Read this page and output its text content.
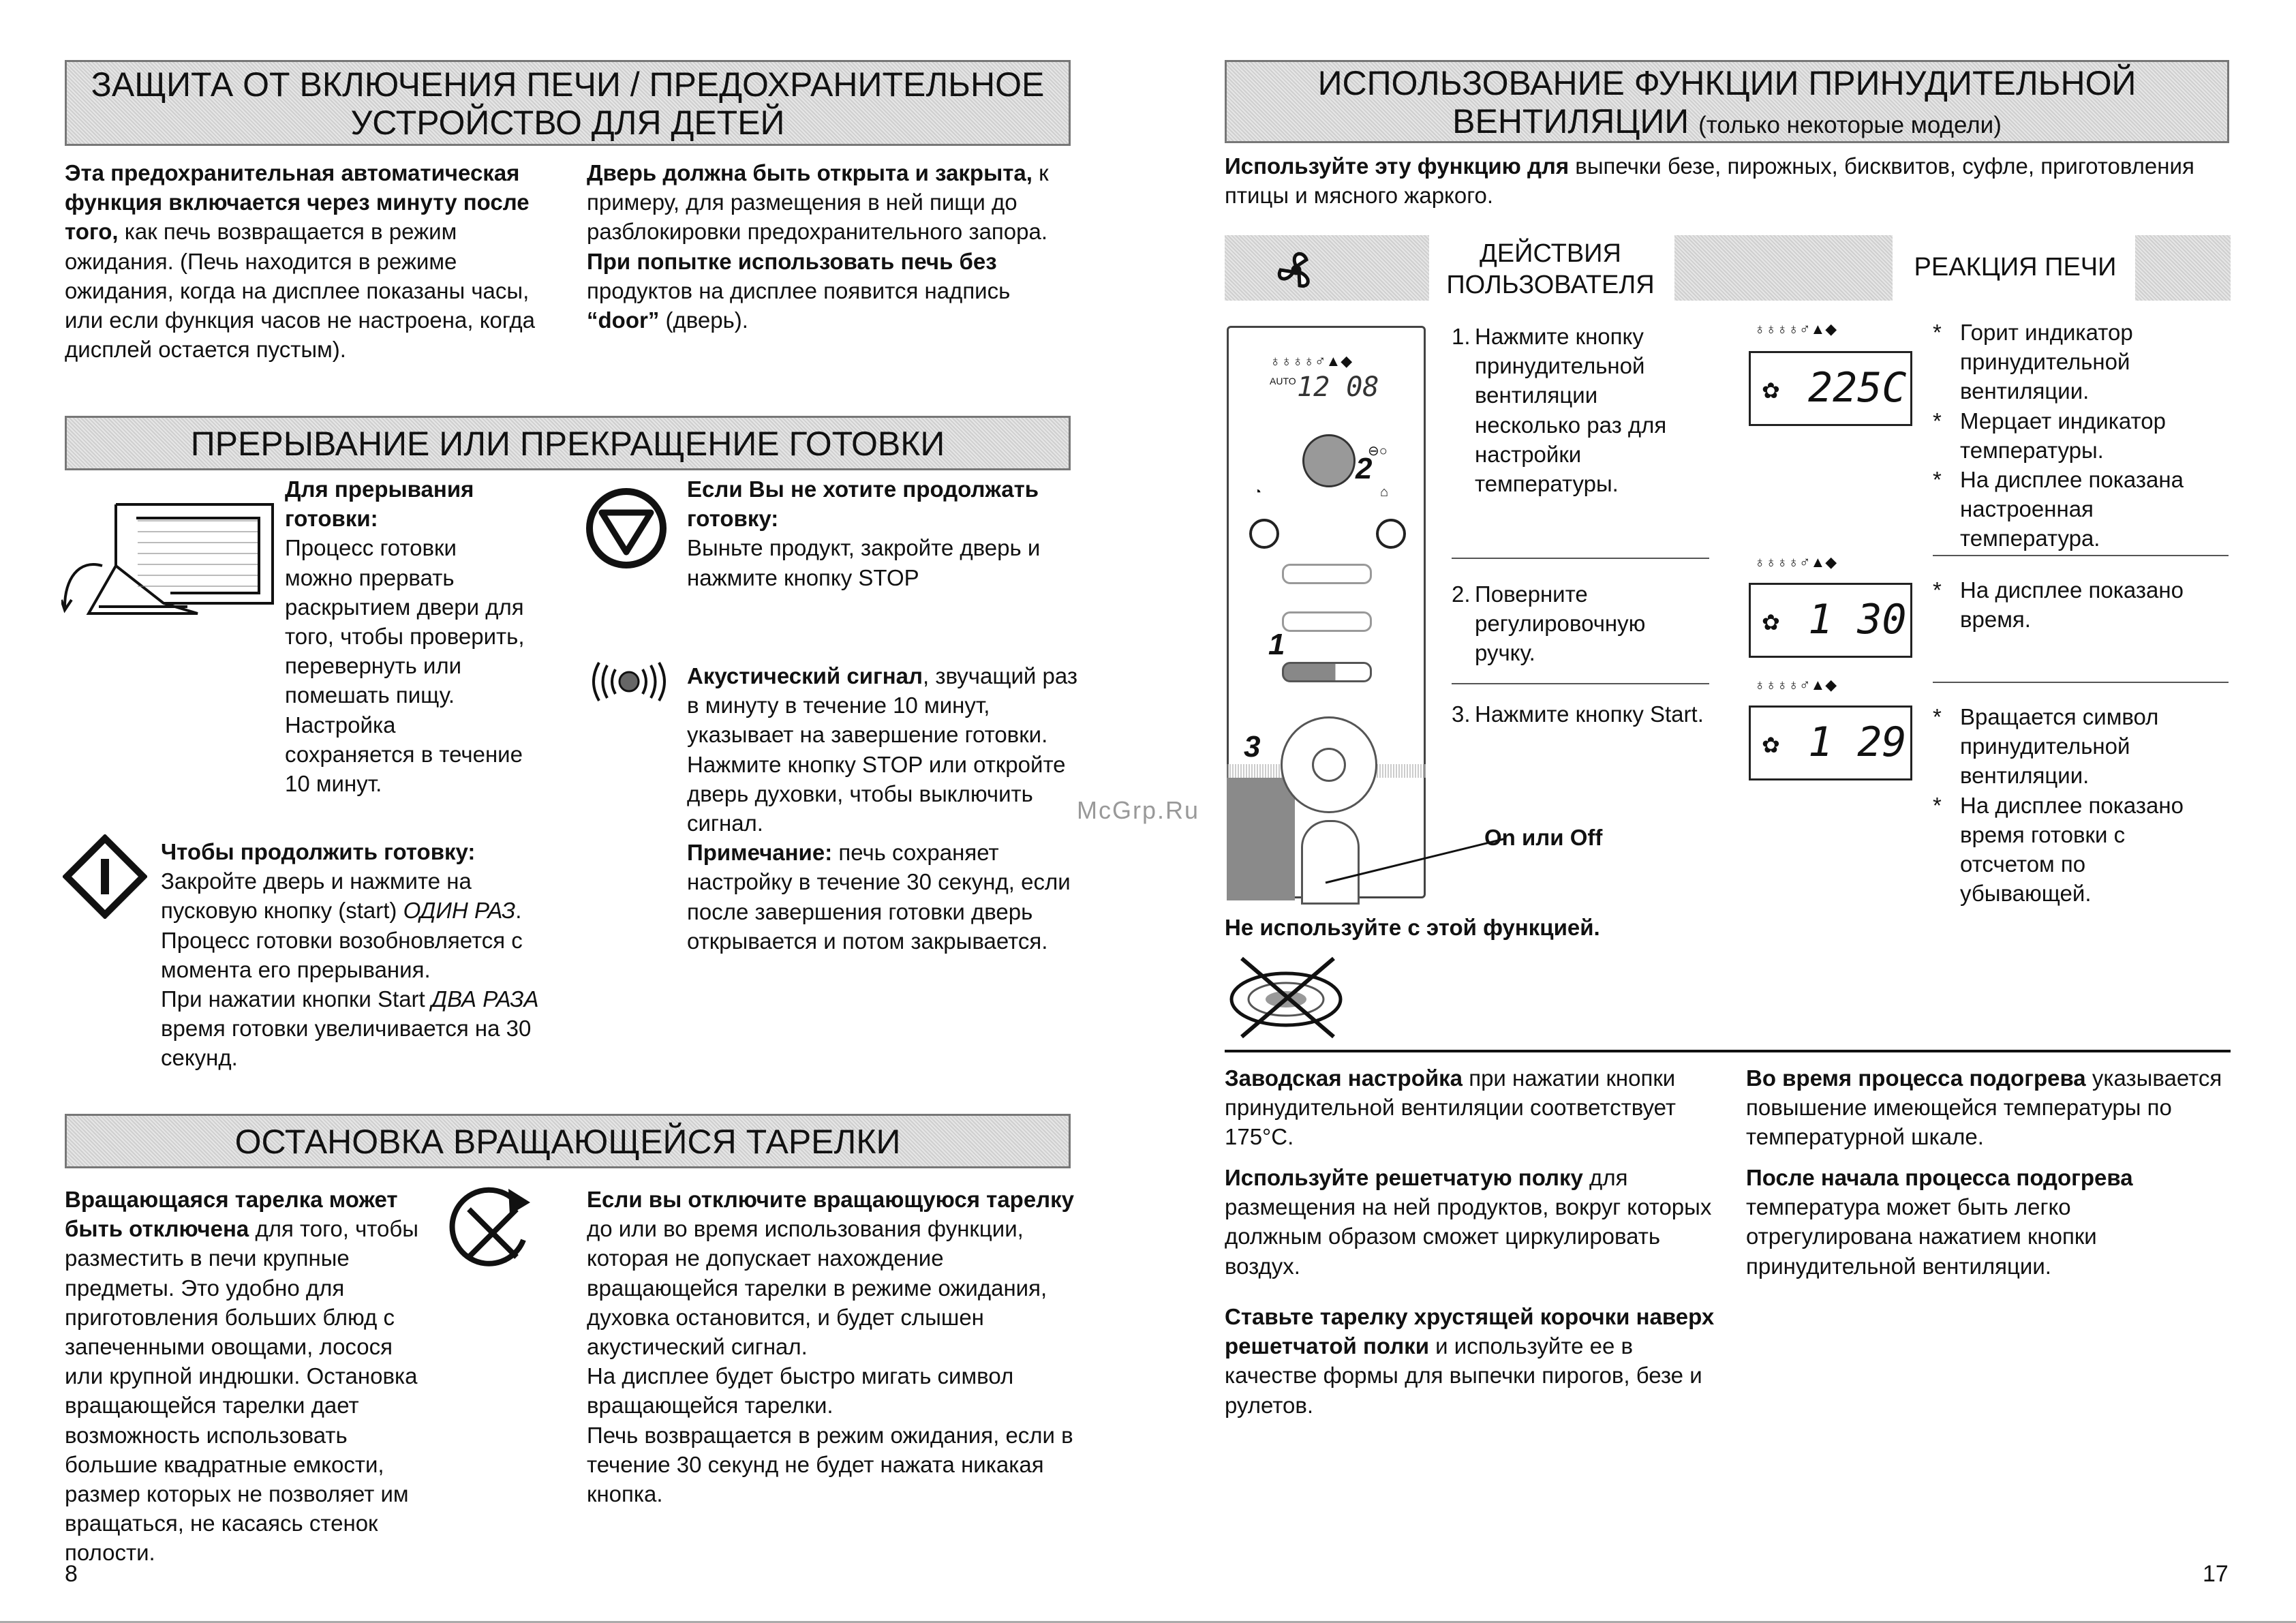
ЗАЩИТА ОТ ВКЛЮЧЕНИЯ ПЕЧИ / ПРЕДОХРАНИТЕЛЬНОЕ
УСТРОЙСТВО ДЛЯ ДЕТЕЙ
Эта предохранительная автоматическая функция включается через минуту после того, как печь возвращается в режим ожидания. (Печь находится в режиме ожидания, когда на дисплее показаны часы, или если функция часов не настроена, когда дисплей остается пустым).
Дверь должна быть открыта и закрыта, к примеру, для размещения в ней пищи до разблокировки предохранительного запора.
При попытке использовать печь без продуктов на дисплее появится надпись “door” (дверь).
ПРЕРЫВАНИЕ ИЛИ ПРЕКРАЩЕНИЕ ГОТОВКИ
Для прерывания готовки:
Процесс готовки можно прервать раскрытием двери для того, чтобы проверить, перевернуть или помешать пищу. Настройка сохраняется в течение 10 минут.
Чтобы продолжить готовку:
Закройте дверь и нажмите на пусковую кнопку (start) ОДИН РАЗ. Процесс готовки возобновляется с момента его прерывания.
При нажатии кнопки Start ДВА РАЗА время готовки увеличивается на 30 секунд.
Если Вы не хотите продолжать готовку:
Выньте продукт, закройте дверь и нажмите кнопку STOP
Акустический сигнал, звучащий раз в минуту в течение 10 минут, указывает на завершение готовки. Нажмите кнопку STOP или откройте дверь духовки, чтобы выключить сигнал.
Примечание: печь сохраняет настройку в течение 30 секунд, если после завершения готовки дверь открывается и потом закрывается.
ОСТАНОВКА ВРАЩАЮЩЕЙСЯ ТАРЕЛКИ
Вращающаяся тарелка может быть отключена для того, чтобы разместить в печи крупные предметы. Это удобно для приготовления больших блюд с запеченными овощами, лосося или крупной индюшки. Остановка вращающейся тарелки дает возможность использовать большие квадратные емкости, размер которых не позволяет им вращаться, не касаясь стенок полости.
Если вы отключите вращающуюся тарелку до или во время использования функции, которая не допускает нахождение вращающейся тарелки в режиме ожидания, духовка остановится, и будет слышен акустический сигнал.
На дисплее будет быстро мигать символ вращающейся тарелки.
Печь возвращается в режим ожидания, если в течение 30 секунд не будет нажата никакая кнопка.
8
ИСПОЛЬЗОВАНИЕ ФУНКЦИИ ПРИНУДИТЕЛЬНОЙ
ВЕНТИЛЯЦИИ (только некоторые модели)
Используйте эту функцию для выпечки безе, пирожных, бисквитов, суфле, приготовления птицы и мясного жаркого.
ДЕЙСТВИЯ
ПОЛЬЗОВАТЕЛЯ
РЕАКЦИЯ ПЕЧИ
♁♁♁♁♂▲◆
12 08
AUTO
2
⊖○
◔	⌂
1
3
On или Off
1. Нажмите кнопку принудительной вентиляции несколько раз для настройки температуры.
2. Поверните регулировочную ручку.
3. Нажмите кнопку Start.
♁♁♁♁♂▲◆
✿ 225C
♁♁♁♁♂▲◆
✿ 1 30
♁♁♁♁♂▲◆
✿ 1 29
* Горит индикатор принудительной вентиляции.
* Мерцает индикатор температуры.
* На дисплее показана настроенная температура.
* На дисплее показано время.
* Вращается символ принудительной вентиляции.
* На дисплее показано время готовки с отсчетом по убывающей.
McGrp.Ru
Не используйте с этой функцией.
Заводская настройка при нажатии кнопки принудительной вентиляции соответствует 175°C.
Используйте решетчатую полку для размещения на ней продуктов, вокруг которых должным образом сможет циркулировать воздух.
Ставьте тарелку хрустящей корочки наверх решетчатой полки и используйте ее в качестве формы для выпечки пирогов, безе и рулетов.
Во время процесса подогрева указывается повышение имеющейся температуры по температурной шкале.
После начала процесса подогрева температура может быть легко отрегулирована нажатием кнопки принудительной вентиляции.
17
